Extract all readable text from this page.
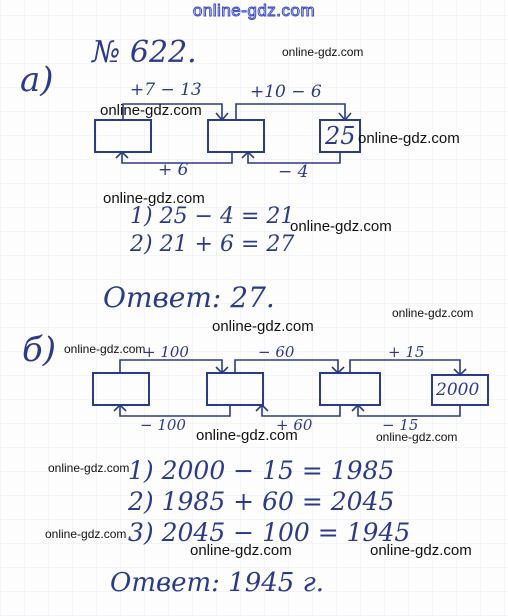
online-gdz.com
а)
№ 622.
+7 − 13	+10 − 6
25
+ 6	− 4
1) 25 − 4 = 21
2) 21 + 6 = 27
Ответ: 27.
б)	+ 100	− 60	+ 15
2000
− 100	+ 60	− 15
1) 2000 − 15 = 1985
2) 1985 + 60 = 2045
3) 2045 − 100 = 1945
Ответ: 1945 г.
online-gdz.com
online-gdz.com
online-gdz.com
online-gdz.com
online-gdz.com
online-gdz.com
online-gdz.com
online-gdz.com
online-gdz.com	online-gdz.com
online-gdz.com
online-gdz.com
online-gdz.com	online-gdz.com
